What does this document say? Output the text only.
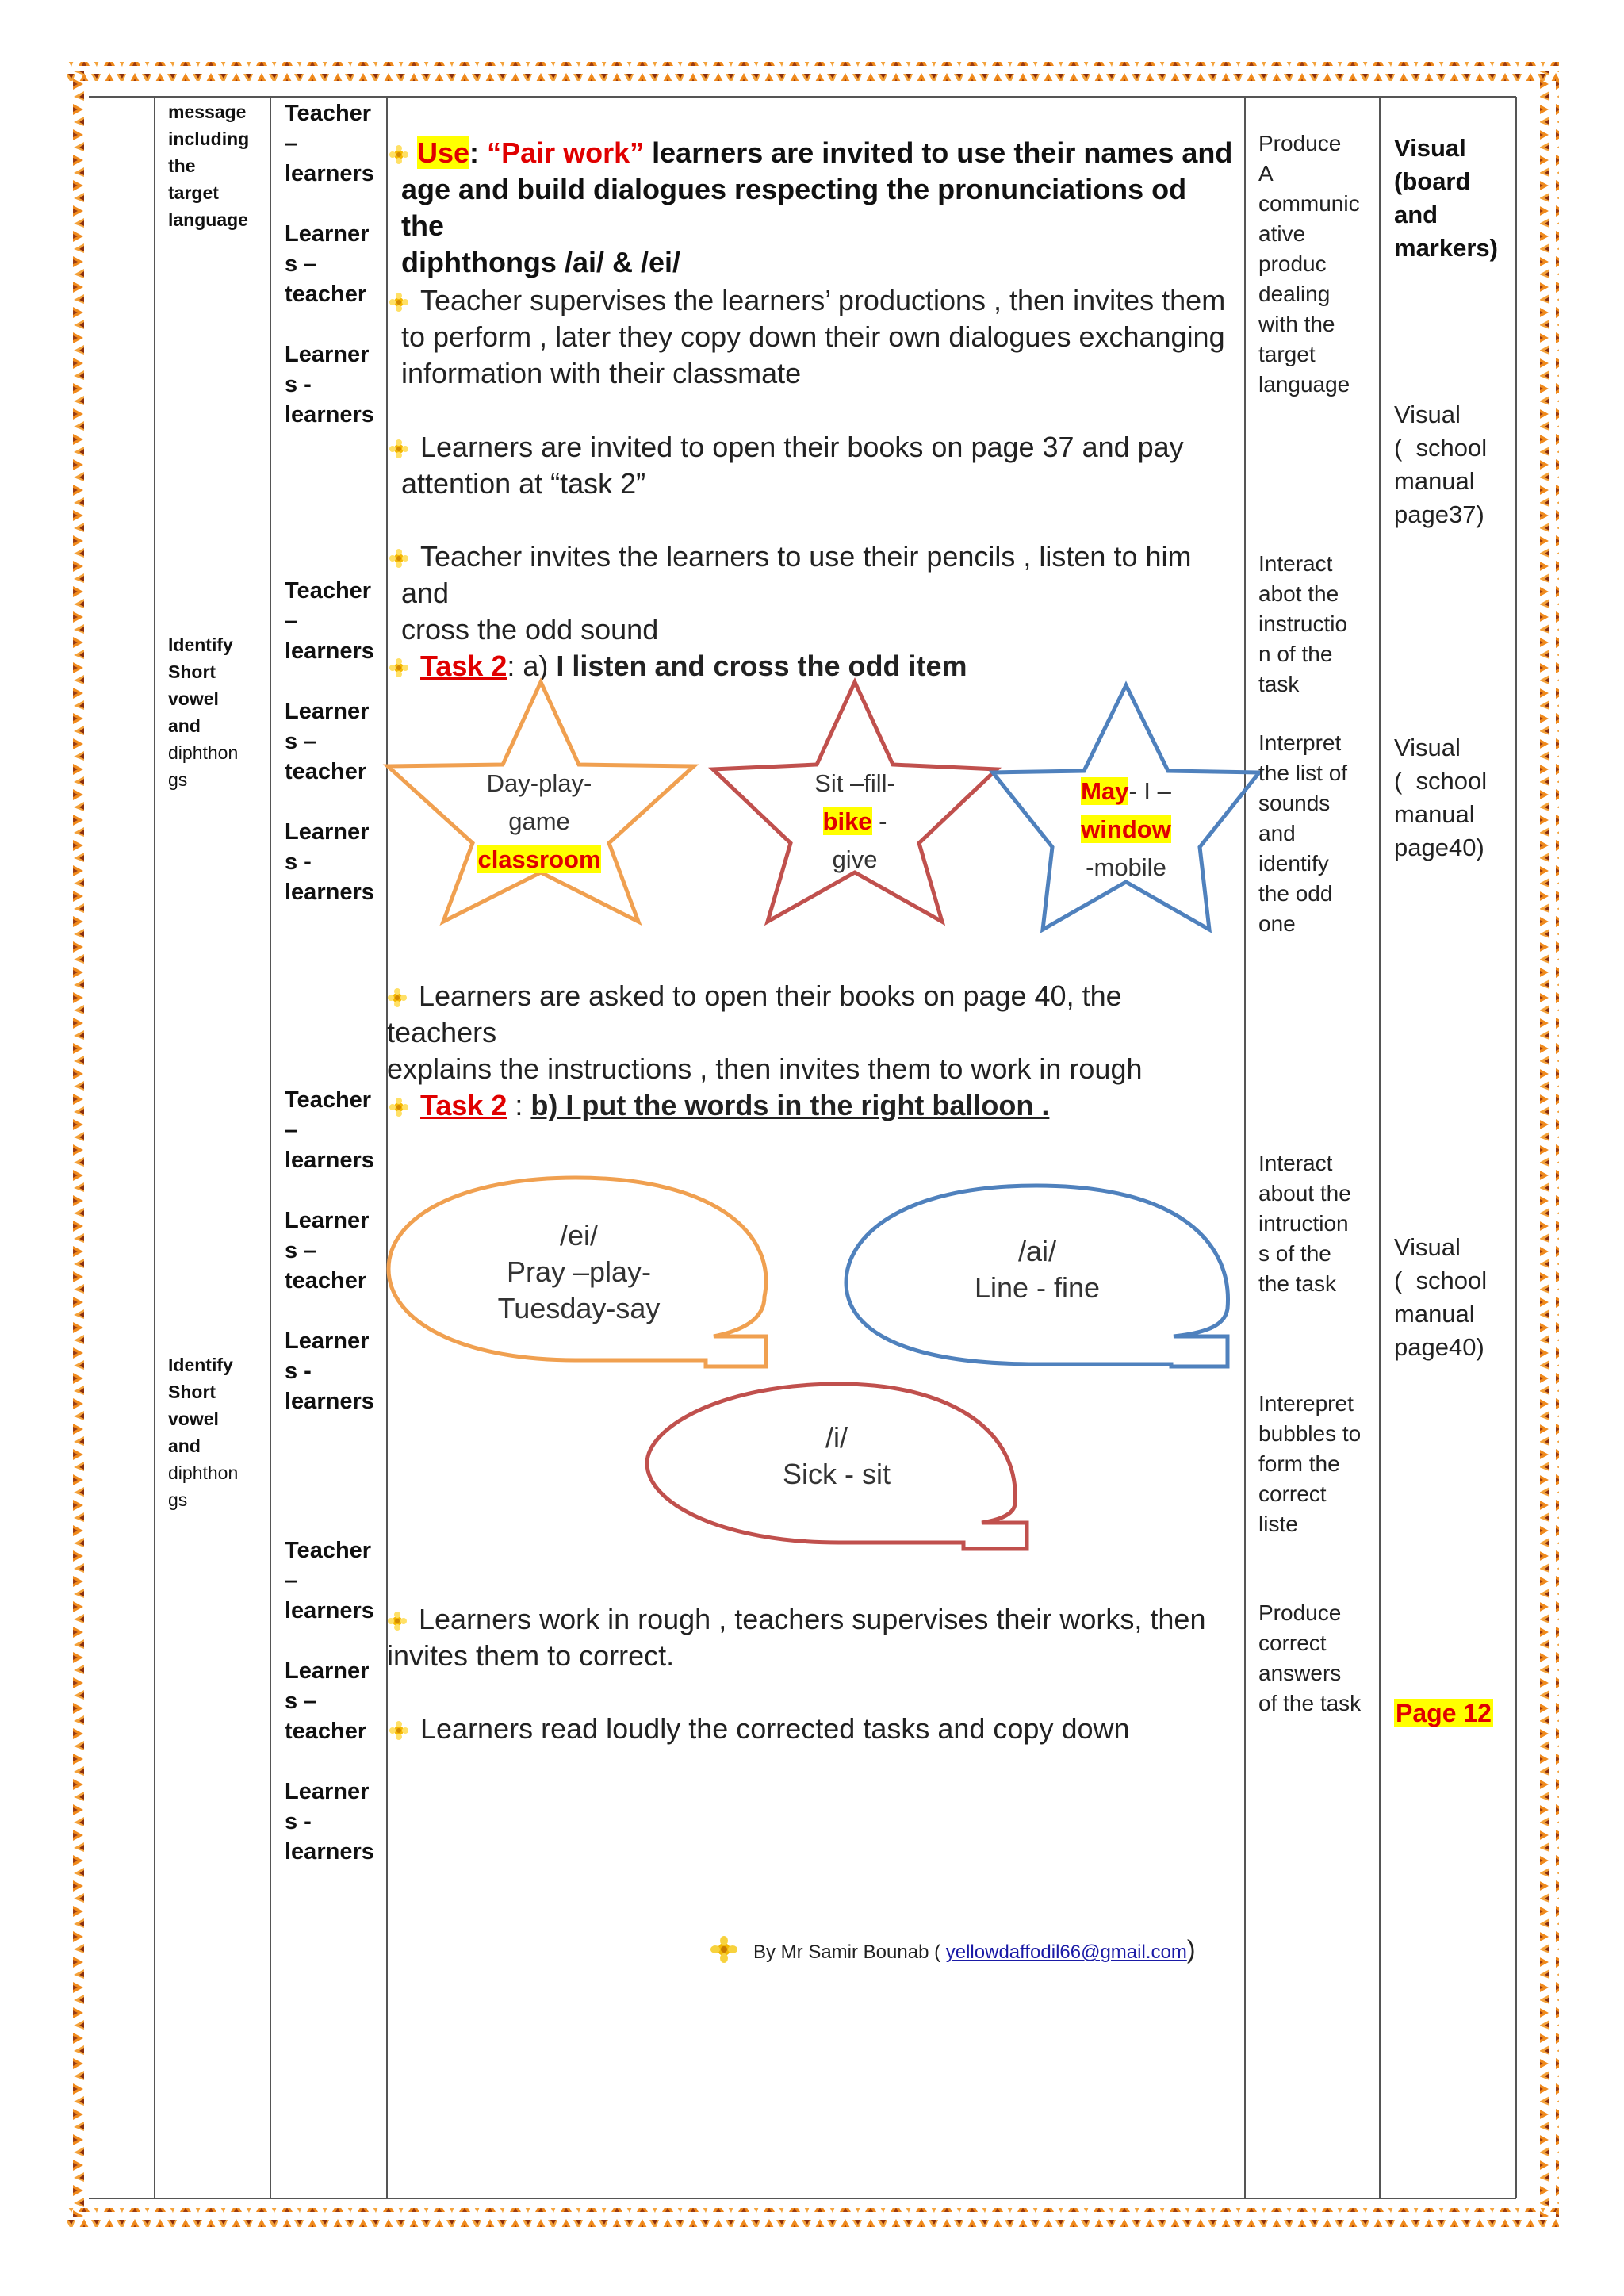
message
including
the
target
language
Identify
Short
vowel
and
diphthon
gs
Identify
Short
vowel
and
diphthon
gs
Teacher
–
learners
Learner
s –
teacher
Learner
s -
learners
Teacher
–
learners
Learner
s –
teacher
Learner
s -
learners
Teacher
–
learners
Learner
s –
teacher
Learner
s -
learners
Teacher
–
learners
Learner
s –
teacher
Learner
s -
learners
Use: “Pair work” learners are invited to use their names and
age and build dialogues respecting the pronunciations od the
diphthongs /ai/ & /ei/
Teacher supervises the learners’ productions , then invites them
to perform , later they copy down their own dialogues exchanging
information with their classmate
Learners are invited to open their books on page 37 and pay
attention at “task 2”
Teacher invites the learners to use their pencils , listen to him and
cross the odd sound
Task 2: a) I listen and cross the odd item
Day-play-
game
classroom
Sit –fill-
bike -
give
May- I –
window
-mobile
Learners are asked to open their books on page 40, the teachers
explains the instructions , then invites them to work in rough
Task 2 : b) I put the words in the right balloon .
/ei/
Pray –play-
Tuesday-say
/ai/
Line - fine
/i/
Sick - sit
Learners work in rough , teachers supervises their works, then
invites them to correct.
Learners read loudly the corrected tasks and copy down
By Mr Samir Bounab ( yellowdaffodil66@gmail.com)
Produce
A
communic
ative
produc
dealing
with the
target
language
Interact
abot the
instructio
n of the
task
Interpret
the list of
sounds
and
identify
the odd
one
Interact
about the
intruction
s of the
the task
Interepret
bubbles to
form the
correct
liste
Produce
correct
answers
of the task
Visual
(board
and
markers)
Visual
(  school
manual
page37)
Visual
(  school
manual
page40)
Visual
(  school
manual
page40)
Page 12
